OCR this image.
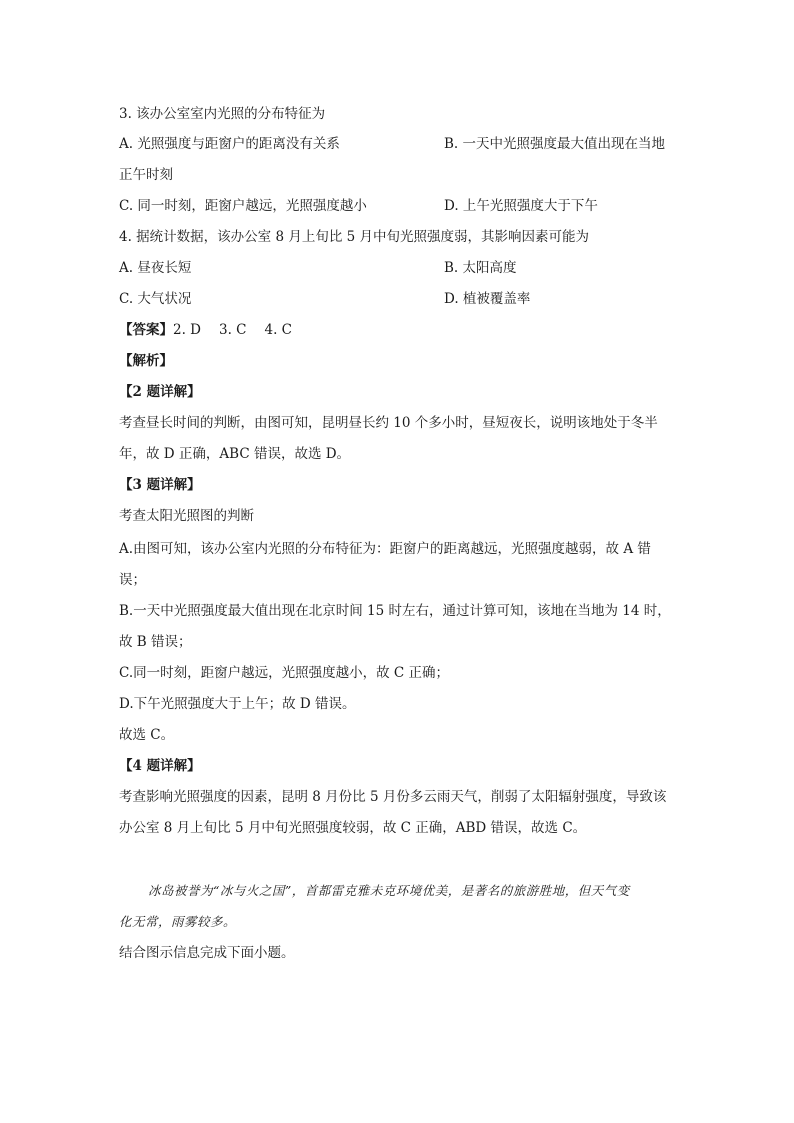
3. 该办公室室内光照的分布特征为
A. 光照强度与距窗户的距离没有关系	B. 一天中光照强度最大值出现在当地
正午时刻
C. 同一时刻，距窗户越远，光照强度越小	D. 上午光照强度大于下午
4. 据统计数据，该办公室 8 月上旬比 5 月中旬光照强度弱，其影响因素可能为
A. 昼夜长短	B. 太阳高度
C. 大气状况	D. 植被覆盖率
【答案】2. D 3. C 4. C
【解析】
【2 题详解】
考查昼长时间的判断，由图可知，昆明昼长约 10 个多小时，昼短夜长，说明该地处于冬半
年，故 D 正确，ABC 错误，故选 D。
【3 题详解】
考查太阳光照图的判断
A.由图可知，该办公室内光照的分布特征为：距窗户的距离越远，光照强度越弱，故 A 错
误；
B.一天中光照强度最大值出现在北京时间 15 时左右，通过计算可知，该地在当地为 14 时，
故 B 错误；
C.同一时刻，距窗户越远，光照强度越小，故 C 正确；
D.下午光照强度大于上午；故 D 错误。
故选 C。
【4 题详解】
考查影响光照强度的因素，昆明 8 月份比 5 月份多云雨天气，削弱了太阳辐射强度，导致该
办公室 8 月上旬比 5 月中旬光照强度较弱，故 C 正确，ABD 错误，故选 C。
冰岛被誉为“冰与火之国”，首都雷克雅未克环境优美，是著名的旅游胜地，但天气变
化无常，雨雾较多。
结合图示信息完成下面小题。
